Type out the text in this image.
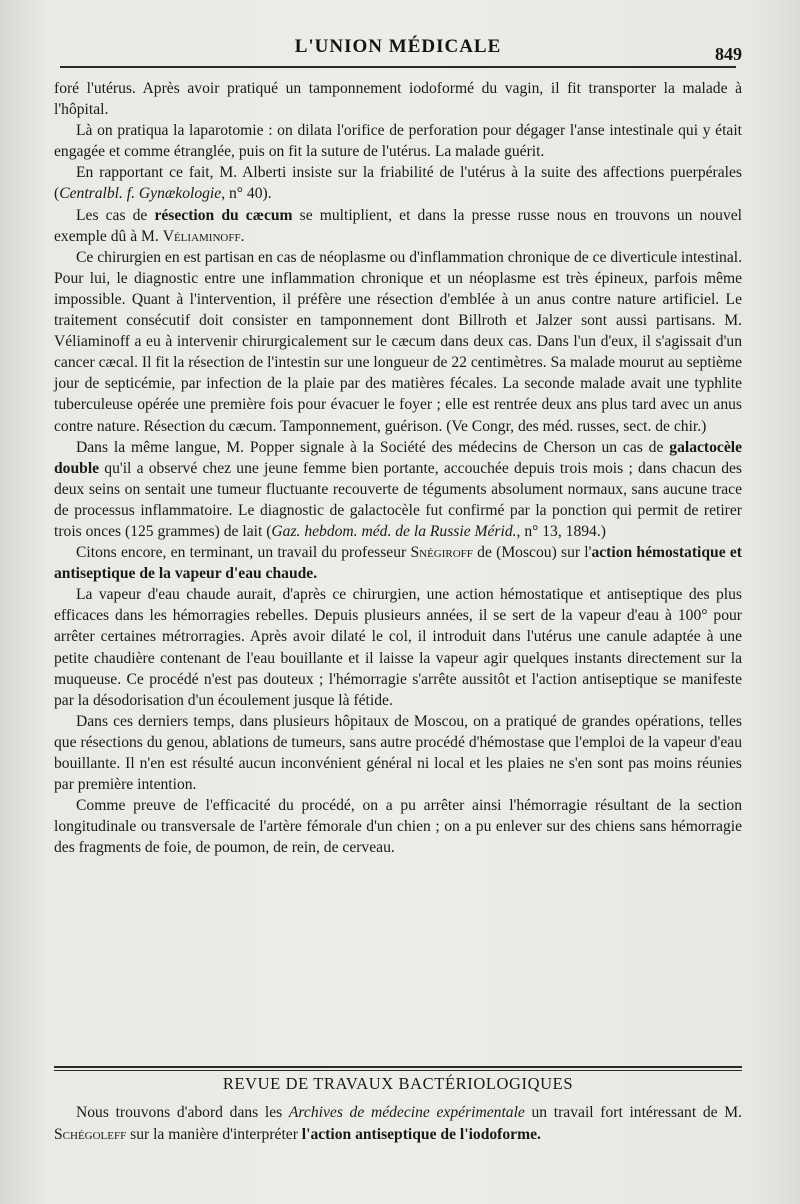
L'UNION MÉDICALE	849

foré l'utérus. Après avoir pratiqué un tamponnement iodoformé du vagin, il fit transporter la malade à l'hôpital.

Là on pratiqua la laparotomie : on dilata l'orifice de perforation pour dégager l'anse intestinale qui y était engagée et comme étranglée, puis on fit la suture de l'utérus. La malade guérit.

En rapportant ce fait, M. Alberti insiste sur la friabilité de l'utérus à la suite des affections puerpérales (Centralbl. f. Gynækologie, n° 40).

Les cas de résection du cæcum se multiplient, et dans la presse russe nous en trouvons un nouvel exemple dû à M. Véliaminoff.

Ce chirurgien en est partisan en cas de néoplasme ou d'inflammation chronique de ce diverticule intestinal. Pour lui, le diagnostic entre une inflammation chronique et un néoplasme est très épineux, parfois même impossible. Quant à l'intervention, il préfère une résection d'emblée à un anus contre nature artificiel. Le traitement consécutif doit consister en tamponnement dont Billroth et Jalzer sont aussi partisans. M. Véliaminoff a eu à intervenir chirurgicalement sur le cæcum dans deux cas. Dans l'un d'eux, il s'agissait d'un cancer cæcal. Il fit la résection de l'intestin sur une longueur de 22 centimètres. Sa malade mourut au septième jour de septicémie, par infection de la plaie par des matières fécales. La seconde malade avait une typhlite tuberculeuse opérée une première fois pour évacuer le foyer ; elle est rentrée deux ans plus tard avec un anus contre nature. Résection du cæcum. Tamponnement, guérison. (Ve Congr, des méd. russes, sect. de chir.)

Dans la même langue, M. Popper signale à la Société des médecins de Cherson un cas de galactocèle double qu'il a observé chez une jeune femme bien portante, accouchée depuis trois mois ; dans chacun des deux seins on sentait une tumeur fluctuante recouverte de téguments absolument normaux, sans aucune trace de processus inflammatoire. Le diagnostic de galactocèle fut confirmé par la ponction qui permit de retirer trois onces (125 grammes) de lait (Gaz. hebdom. méd. de la Russie Mérid., n° 13, 1894.)

Citons encore, en terminant, un travail du professeur Snégiroff de (Moscou) sur l'action hémostatique et antiseptique de la vapeur d'eau chaude.

La vapeur d'eau chaude aurait, d'après ce chirurgien, une action hémostatique et antiseptique des plus efficaces dans les hémorragies rebelles. Depuis plusieurs années, il se sert de la vapeur d'eau à 100° pour arrêter certaines métrorragies. Après avoir dilaté le col, il introduit dans l'utérus une canule adaptée à une petite chaudière contenant de l'eau bouillante et il laisse la vapeur agir quelques instants directement sur la muqueuse. Ce procédé n'est pas douteux ; l'hémorragie s'arrête aussitôt et l'action antiseptique se manifeste par la désodorisation d'un écoulement jusque là fétide.

Dans ces derniers temps, dans plusieurs hôpitaux de Moscou, on a pratiqué de grandes opérations, telles que résections du genou, ablations de tumeurs, sans autre procédé d'hémostase que l'emploi de la vapeur d'eau bouillante. Il n'en est résulté aucun inconvénient général ni local et les plaies ne s'en sont pas moins réunies par première intention.

Comme preuve de l'efficacité du procédé, on a pu arrêter ainsi l'hémorragie résultant de la section longitudinale ou transversale de l'artère fémorale d'un chien ; on a pu enlever sur des chiens sans hémorragie des fragments de foie, de poumon, de rein, de cerveau.

REVUE DE TRAVAUX BACTÉRIOLOGIQUES

Nous trouvons d'abord dans les Archives de médecine expérimentale un travail fort intéressant de M. Schégoleff sur la manière d'interpréter l'action antiseptique de l'iodoforme.
